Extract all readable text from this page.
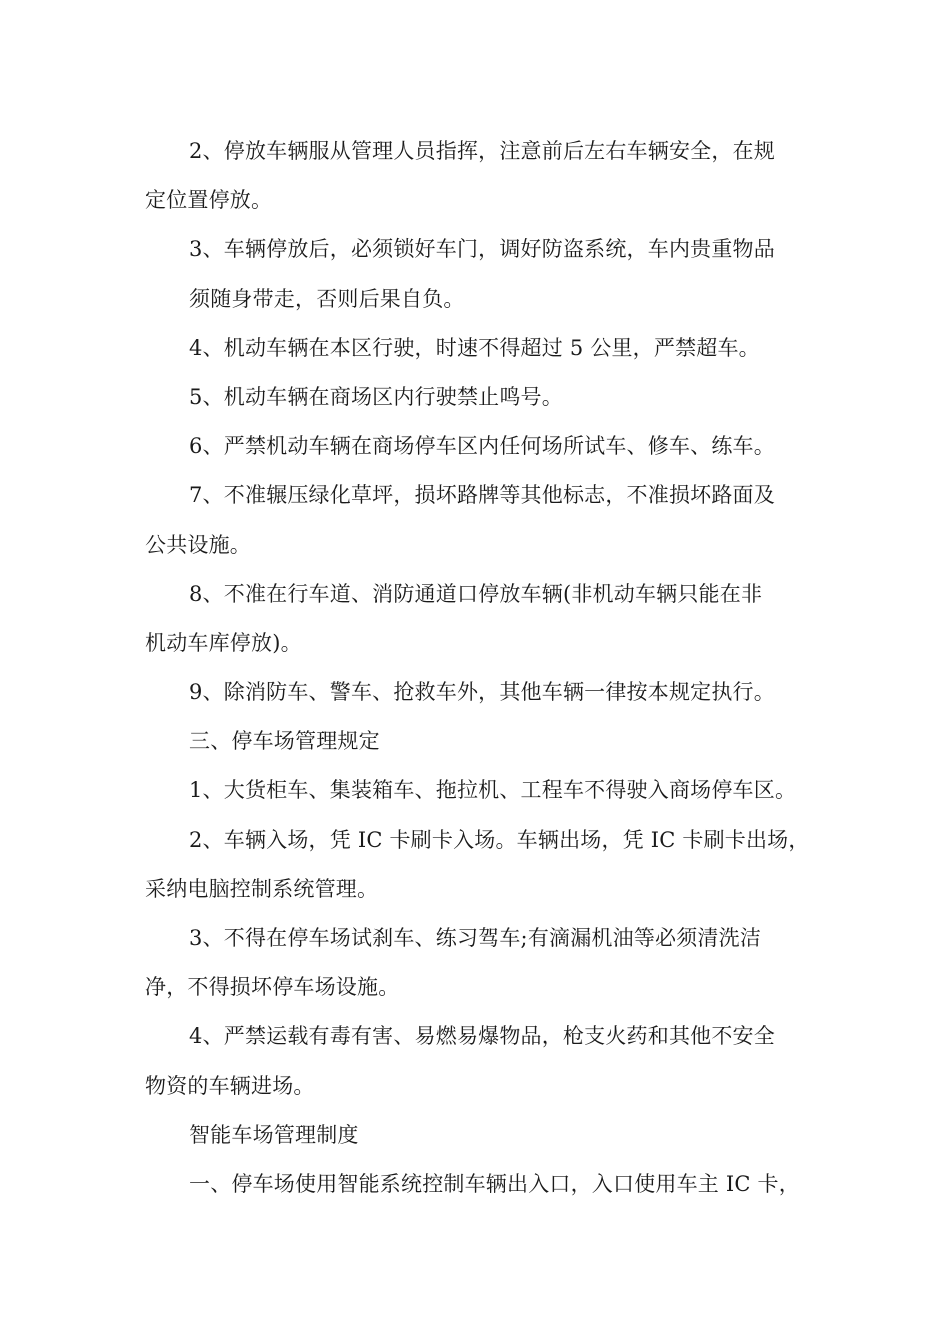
2、停放车辆服从管理人员指挥，注意前后左右车辆安全，在规
定位置停放。
3、车辆停放后，必须锁好车门，调好防盗系统，车内贵重物品
须随身带走，否则后果自负。
4、机动车辆在本区行驶，时速不得超过 5 公里，严禁超车。
5、机动车辆在商场区内行驶禁止鸣号。
6、严禁机动车辆在商场停车区内任何场所试车、修车、练车。
7、不准辗压绿化草坪，损坏路牌等其他标志，不准损坏路面及
公共设施。
8、不准在行车道、消防通道口停放车辆(非机动车辆只能在非
机动车库停放)。
9、除消防车、警车、抢救车外，其他车辆一律按本规定执行。
三、停车场管理规定
1、大货柜车、集装箱车、拖拉机、工程车不得驶入商场停车区。
2、车辆入场，凭 IC 卡刷卡入场。车辆出场，凭 IC 卡刷卡出场，
采纳电脑控制系统管理。
3、不得在停车场试刹车、练习驾车;有滴漏机油等必须清洗洁
净，不得损坏停车场设施。
4、严禁运载有毒有害、易燃易爆物品，枪支火药和其他不安全
物资的车辆进场。
智能车场管理制度
一、停车场使用智能系统控制车辆出入口，入口使用车主 IC 卡，
